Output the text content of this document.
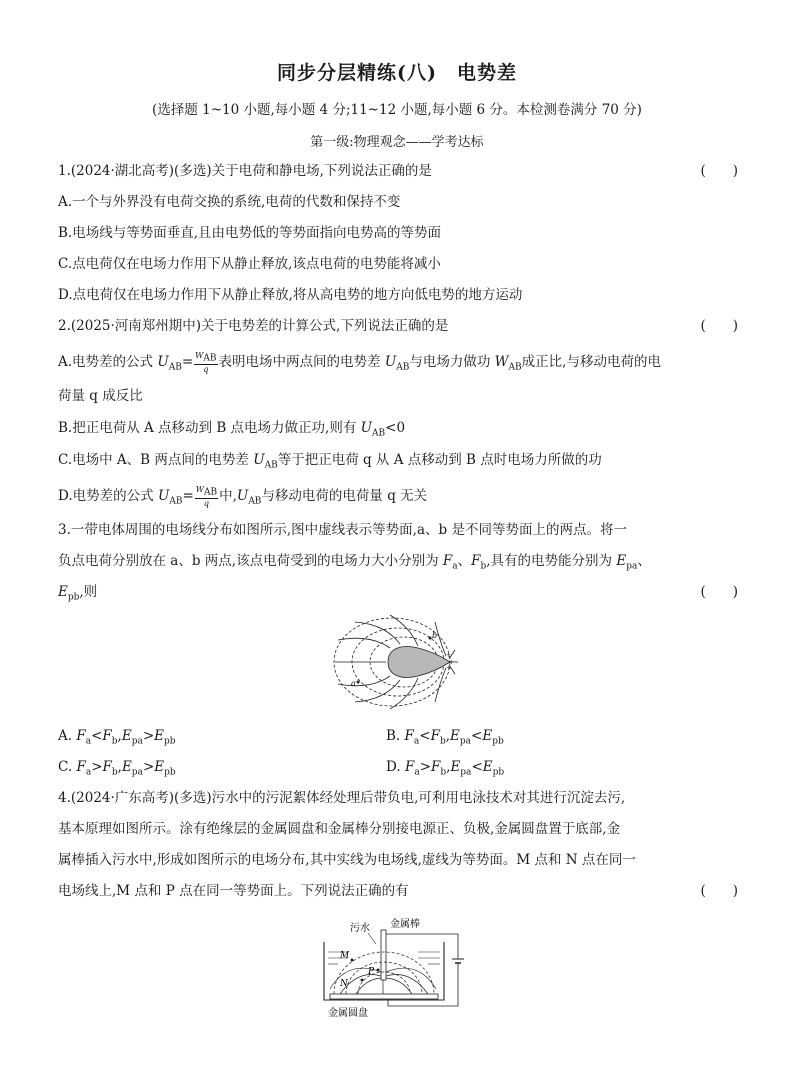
同步分层精练(八)　电势差
(选择题 1~10 小题,每小题 4 分;11~12 小题,每小题 6 分。本检测卷满分 70 分)
第一级:物理观念——学考达标
1.(2024·湖北高考)(多选)关于电荷和静电场,下列说法正确的是	(　　)
A.一个与外界没有电荷交换的系统,电荷的代数和保持不变
B.电场线与等势面垂直,且由电势低的等势面指向电势高的等势面
C.点电荷仅在电场力作用下从静止释放,该点电荷的电势能将减小
D.点电荷仅在电场力作用下从静止释放,将从高电势的地方向低电势的地方运动
2.(2025·河南郑州期中)关于电势差的计算公式,下列说法正确的是	(　　)
A.电势差的公式 $U_{AB}= \frac{W_{AB}}{q}$ 表明电场中两点间的电势差 $U_{AB}$与电场力做功 $W_{AB}$成正比,与移动电荷的电
荷量 q 成反比
B.把正电荷从 A 点移动到 B 点电场力做正功,则有 $U_{AB}<0$
C.电场中 A、B 两点间的电势差 $U_{AB}$等于把正电荷 q 从 A 点移动到 B 点时电场力所做的功
D.电势差的公式 $U_{AB}= \frac{W_{AB}}{q}$ 中$,U_{AB}$与移动电荷的电荷量 q 无关
3.一带电体周围的电场线分布如图所示,图中虚线表示等势面,a、b 是不同等势面上的两点。将一
负点电荷分别放在 a、b 两点,该点电荷受到的电场力大小分别为 $F_a$、$F_b$,具有的电势能分别为 $E_{pa}$、
$E_{pb}$,则	(　　)
+
+
+
a
b
A. $F_a<F_b,E_{pa}>E_{pb}$	B. $F_a<F_b,E_{pa}<E_{pb}$
C. $F_a>F_b,E_{pa}>E_{pb}$	D. $F_a>F_b,E_{pa}<E_{pb}$
4.(2024·广东高考)(多选)污水中的污泥絮体经处理后带负电,可利用电泳技术对其进行沉淀去污,
基本原理如图所示。涂有绝缘层的金属圆盘和金属棒分别接电源正、负极,金属圆盘置于底部,金
属棒插入污水中,形成如图所示的电场分布,其中实线为电场线,虚线为等势面。M 点和 N 点在同一
电场线上,M 点和 P 点在同一等势面上。下列说法正确的有	(　　)
M
N
P
污水 金属棒
金属圆盘
